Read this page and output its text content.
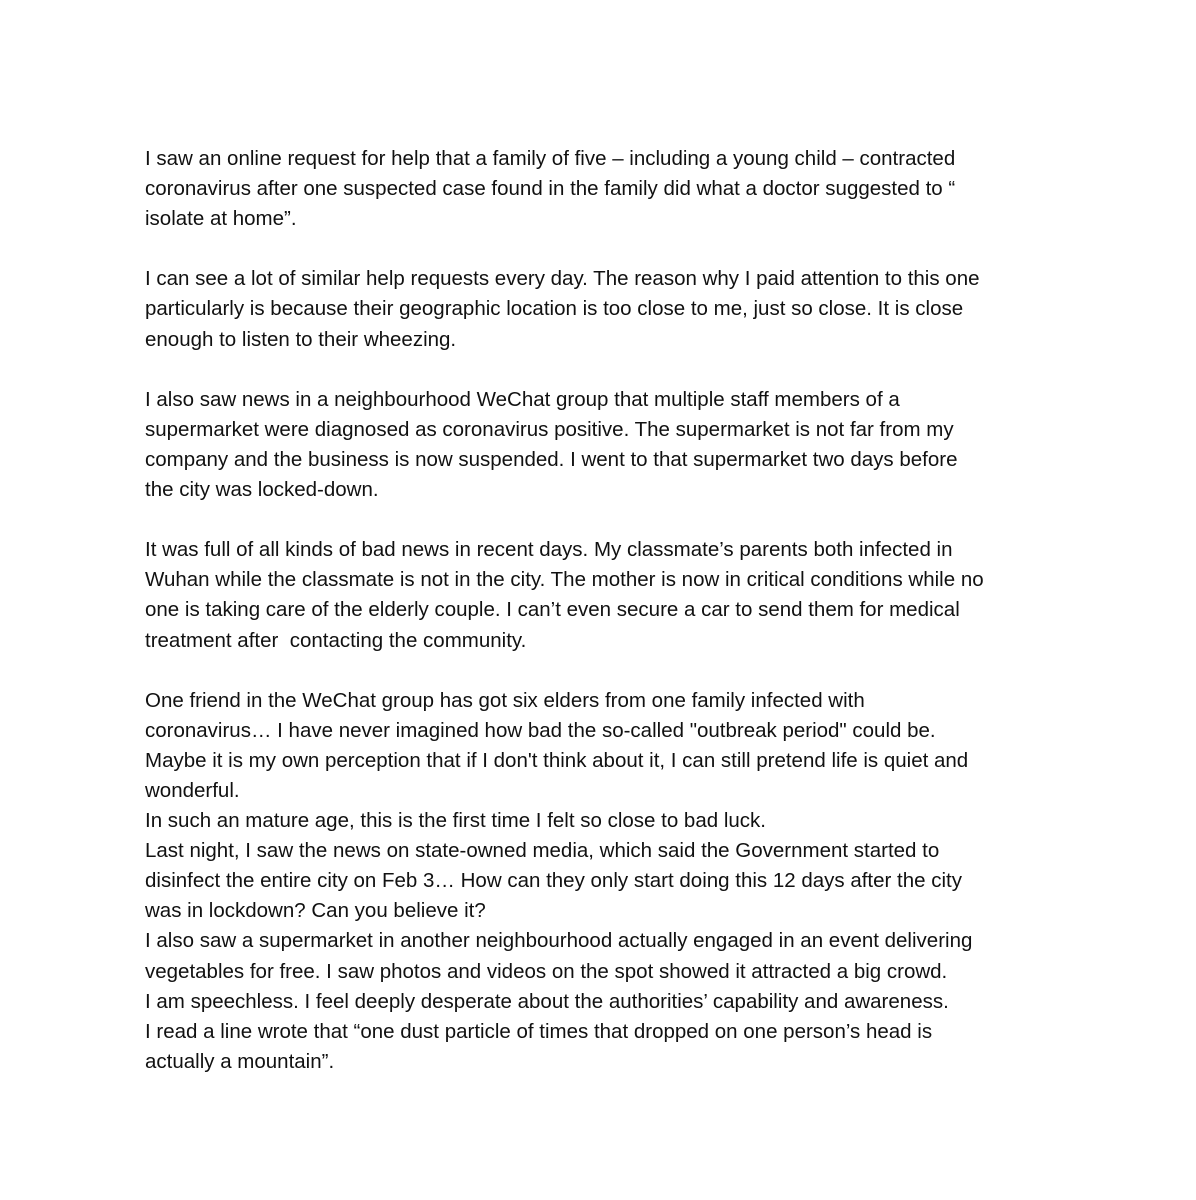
I saw an online request for help that a family of five – including a young child – contracted
coronavirus after one suspected case found in the family did what a doctor suggested to “
isolate at home”.
I can see a lot of similar help requests every day. The reason why I paid attention to this one
particularly is because their geographic location is too close to me, just so close. It is close
enough to listen to their wheezing.
I also saw news in a neighbourhood WeChat group that multiple staff members of a
supermarket were diagnosed as coronavirus positive. The supermarket is not far from my
company and the business is now suspended. I went to that supermarket two days before
the city was locked-down.
It was full of all kinds of bad news in recent days. My classmate’s parents both infected in
Wuhan while the classmate is not in the city. The mother is now in critical conditions while no
one is taking care of the elderly couple. I can’t even secure a car to send them for medical
treatment after  contacting the community.
One friend in the WeChat group has got six elders from one family infected with
coronavirus… I have never imagined how bad the so-called "outbreak period" could be.
Maybe it is my own perception that if I don't think about it, I can still pretend life is quiet and
wonderful.
In such an mature age, this is the first time I felt so close to bad luck.
Last night, I saw the news on state-owned media, which said the Government started to
disinfect the entire city on Feb 3… How can they only start doing this 12 days after the city
was in lockdown? Can you believe it?
I also saw a supermarket in another neighbourhood actually engaged in an event delivering
vegetables for free. I saw photos and videos on the spot showed it attracted a big crowd.
I am speechless. I feel deeply desperate about the authorities’ capability and awareness.
I read a line wrote that “one dust particle of times that dropped on one person’s head is
actually a mountain”.
